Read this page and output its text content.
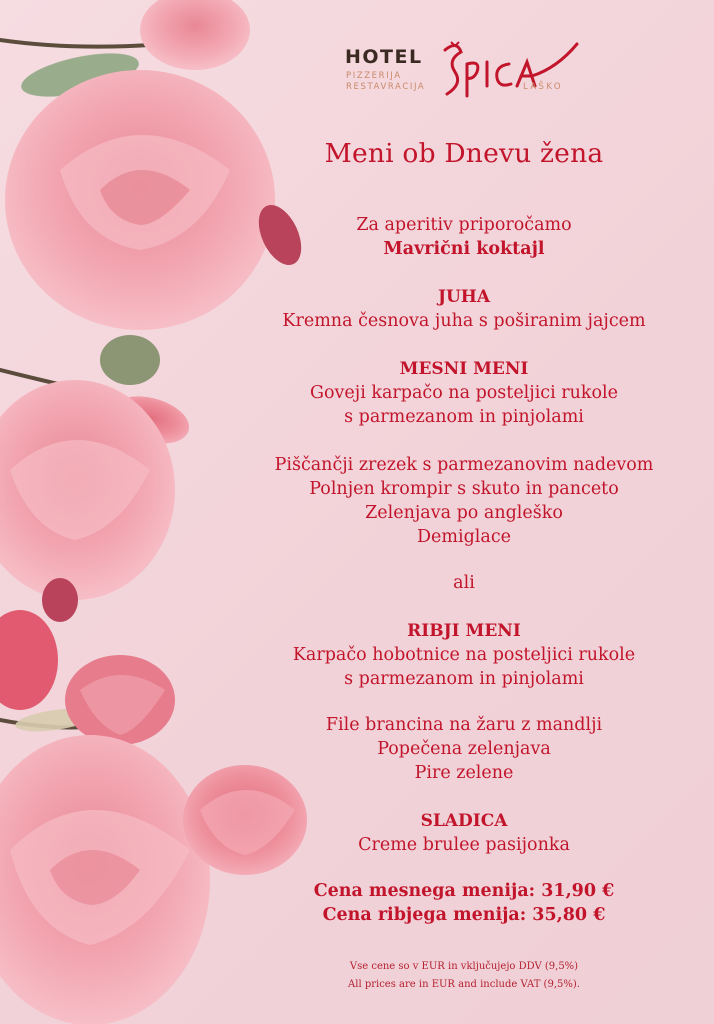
HOTEL
PIZZERIJA
RESTAVRACIJA	LAŠKO
Meni ob Dnevu žena
Za aperitiv priporočamo
Mavrični koktajl
JUHA
Kremna česnova juha s poširanim jajcem
MESNI MENI
Goveji karpačo na posteljici rukole
s parmezanom in pinjolami
Piščančji zrezek s parmezanovim nadevom
Polnjen krompir s skuto in panceto
Zelenjava po angleško
Demiglace
ali
RIBJI MENI
Karpačo hobotnice na posteljici rukole
s parmezanom in pinjolami
File brancina na žaru z mandlji
Popečena zelenjava
Pire zelene
SLADICA
Creme brulee pasijonka
Cena mesnega menija: 31,90 €
Cena ribjega menija: 35,80 €
Vse cene so v EUR in vključujejo DDV (9,5%)
All prices are in EUR and include VAT (9,5%).
